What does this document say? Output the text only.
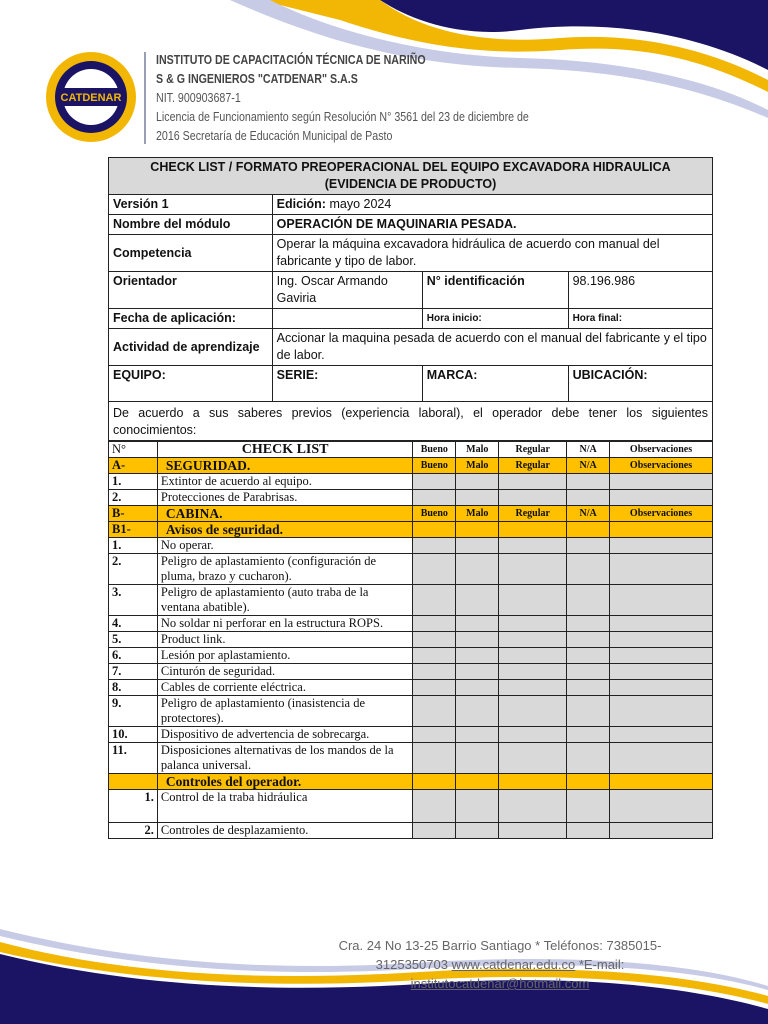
CATDENAR
INSTITUTO DE CAPACITACIÓN TÉCNICA DE NARIÑO
S & G INGENIEROS "CATDENAR" S.A.S
NIT. 900903687-1
Licencia de Funcionamiento según Resolución N° 3561 del 23 de diciembre de
2016 Secretaría de Educación Municipal de Pasto
CHECK LIST / FORMATO PREOPERACIONAL DEL EQUIPO EXCAVADORA HIDRAULICA (EVIDENCIA DE PRODUCTO)			
Versión 1	Edición: mayo 2024		
Nombre del módulo	OPERACIÓN DE MAQUINARIA PESADA.		
Competencia	Operar la máquina excavadora hidráulica de acuerdo con manual del fabricante y tipo de labor.		
Orientador	Ing. Oscar Armando Gaviria	N° identificación	98.196.986
Fecha de aplicación:		Hora inicio:	Hora final:
Actividad de aprendizaje	Accionar la maquina pesada de acuerdo con el manual del fabricante y el tipo de labor.		
EQUIPO:	SERIE:	MARCA:	UBICACIÓN:
De acuerdo a sus saberes previos (experiencia laboral), el operador debe tener los siguientes conocimientos:			
N°	CHECK LIST	Bueno	Malo	Regular	N/A	Observaciones
A-	SEGURIDAD.	Bueno	Malo	Regular	N/A	Observaciones
1.	Extintor de acuerdo al equipo.					
2.	Protecciones de Parabrisas.					
B-	CABINA.	Bueno	Malo	Regular	N/A	Observaciones
B1-	Avisos de seguridad.					
1.	No operar.					
2.	Peligro de aplastamiento (configuración de pluma, brazo y cucharon).					
3.	Peligro de aplastamiento (auto traba de la ventana abatible).					
4.	No soldar ni perforar en la estructura ROPS.					
5.	Product link.					
6.	Lesión por aplastamiento.					
7.	Cinturón de seguridad.					
8.	Cables de corriente eléctrica.					
9.	Peligro de aplastamiento (inasistencia de protectores).					
10.	Dispositivo de advertencia de sobrecarga.					
11.	Disposiciones alternativas de los mandos de la palanca universal.					
	Controles del operador.					
1.	Control de la traba hidráulica					
2.	Controles de desplazamiento.					
Cra. 24 No 13-25 Barrio Santiago * Teléfonos: 7385015-
3125350703 www.catdenar.edu.co *E-mail:
institutocatdenar@hotmail.com
